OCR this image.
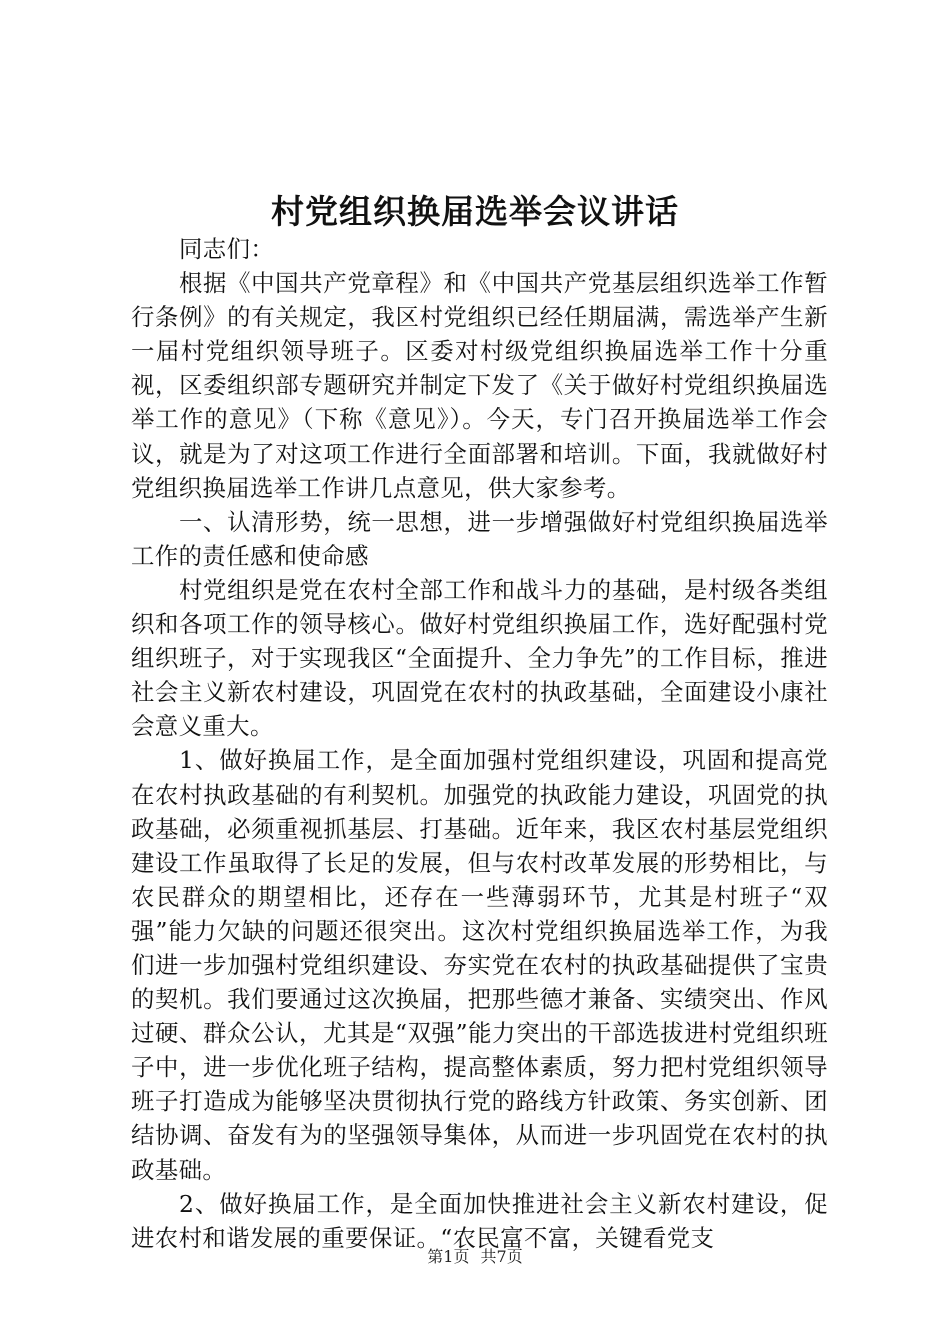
村党组织换届选举会议讲话

同志们：

根据《中国共产党章程》和《中国共产党基层组织选举工作暂行条例》的有关规定，我区村党组织已经任期届满，需选举产生新一届村党组织领导班子。区委对村级党组织换届选举工作十分重视，区委组织部专题研究并制定下发了《关于做好村党组织换届选举工作的意见》（下称《意见》）。今天，专门召开换届选举工作会议，就是为了对这项工作进行全面部署和培训。下面，我就做好村党组织换届选举工作讲几点意见，供大家参考。

一、认清形势，统一思想，进一步增强做好村党组织换届选举工作的责任感和使命感

村党组织是党在农村全部工作和战斗力的基础，是村级各类组织和各项工作的领导核心。做好村党组织换届工作，选好配强村党组织班子，对于实现我区“全面提升、全力争先”的工作目标，推进社会主义新农村建设，巩固党在农村的执政基础，全面建设小康社会意义重大。

1、做好换届工作，是全面加强村党组织建设，巩固和提高党在农村执政基础的有利契机。加强党的执政能力建设，巩固党的执政基础，必须重视抓基层、打基础。近年来，我区农村基层党组织建设工作虽取得了长足的发展，但与农村改革发展的形势相比，与农民群众的期望相比，还存在一些薄弱环节，尤其是村班子“双强”能力欠缺的问题还很突出。这次村党组织换届选举工作，为我们进一步加强村党组织建设、夯实党在农村的执政基础提供了宝贵的契机。我们要通过这次换届，把那些德才兼备、实绩突出、作风过硬、群众公认，尤其是“双强”能力突出的干部选拔进村党组织班子中，进一步优化班子结构，提高整体素质，努力把村党组织领导班子打造成为能够坚决贯彻执行党的路线方针政策、务实创新、团结协调、奋发有为的坚强领导集体，从而进一步巩固党在农村的执政基础。

2、做好换届工作，是全面加快推进社会主义新农村建设，促进农村和谐发展的重要保证。“农民富不富，关键看党支

第1页 共7页
